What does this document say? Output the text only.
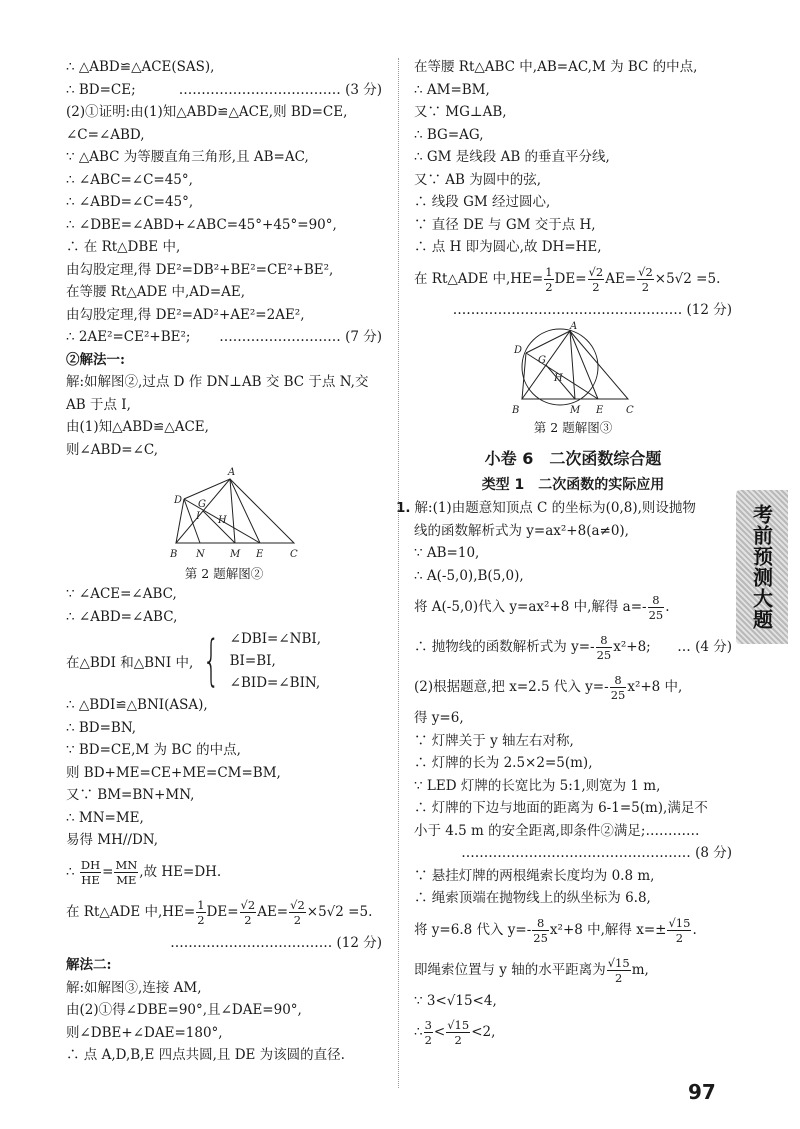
∴ △ABD≌△ACE(SAS),
∴ BD=CE;	……………………………… (3 分)
(2)①证明:由(1)知△ABD≌△ACE,则 BD=CE,
∠C=∠ABD,
∵ △ABC 为等腰直角三角形,且 AB=AC,
∴ ∠ABC=∠C=45°,
∴ ∠ABD=∠C=45°,
∴ ∠DBE=∠ABD+∠ABC=45°+45°=90°,
∴ 在 Rt△DBE 中,
由勾股定理,得 DE²=DB²+BE²=CE²+BE²,
在等腰 Rt△ADE 中,AD=AE,
由勾股定理,得 DE²=AD²+AE²=2AE²,
∴ 2AE²=CE²+BE²; ……………………… (7 分)
②解法一:
解:如解图②,过点 D 作 DN⊥AB 交 BC 于点 N,交
AB 于点 I,
由(1)知△ABD≌△ACE,
则∠ABD=∠C,
A
D G
H
B N	M E	C
I
第 2 题解图②
∵ ∠ACE=∠ABC,
∴ ∠ABD=∠ABC,
在△BDI 和△BNI 中, { ∠DBI=∠NBI,
BI=BI,
∠BID=∠BIN,
∴ △BDI≌△BNI(ASA),
∴ BD=BN,
∵ BD=CE,M 为 BC 的中点,
则 BD+ME=CE+ME=CM=BM,
又∵ BM=BN+MN,
∴ MN=ME,
易得 MH//DN,
∴ $\frac{DH}{HE} = \frac{MN}{ME}$ ,故 HE=DH.
在 Rt△ADE 中$,HE= \frac{1}{2} DE= \frac{√2}{2} AE= \frac{√2}{2} \times 5√2 =5$.
……………………………… (12 分)
解法二:
解:如解图③,连接 AM,
由(2)①得∠DBE=90°,且∠DAE=90°,
则∠DBE+∠DAE=180°,
∴ 点 A,D,B,E 四点共圆,且 DE 为该圆的直径.
在等腰 Rt△ABC 中,AB=AC,M 为 BC 的中点,
∴ AM=BM,
又∵ MG⊥AB,
∴ BG=AG,
∴ GM 是线段 AB 的垂直平分线,
又∵ AB 为圆中的弦,
∴ 线段 GM 经过圆心,
∵ 直径 DE 与 GM 交于点 H,
∴ 点 H 即为圆心,故 DH=HE,
在 Rt△ADE 中$,HE= \frac{1}{2} DE= \frac{√2}{2} AE= \frac{√2}{2} \times 5√2 =5$.
…………………………………………… (12 分)
A
D
G
H
B	M E C
第 2 题解图③
小卷 6　二次函数综合题
类型 1　二次函数的实际应用
1. 解:(1)由题意知顶点 C 的坐标为(0,8),则设抛物
线的函数解析式为 y=ax²+8(a≠0),
∵ AB=10,
∴ A(-5,0),B(5,0),
将 A(-5,0)代入 y=ax²+8 中,解得 $a=- \frac{8}{25}$ .
∴ 抛物线的函数解析式为 $y=- \frac{8}{25} x^2+8$; … (4 分)
(2)根据题意,把 x=2.5 代入 $y=- \frac{8}{25} x^2+8$ 中,
得 y=6,
∵ 灯牌关于 y 轴左右对称,
∴ 灯牌的长为 2.5×2=5(m),
∵ LED 灯牌的长宽比为 5:1,则宽为 1 m,
∴ 灯牌的下边与地面的距离为 6-1=5(m),满足不
小于 4.5 m 的安全距离,即条件②满足;…………
…………………………………………… (8 分)
∵ 悬挂灯牌的两根绳索长度均为 0.8 m,
∴ 绳索顶端在抛物线上的纵坐标为 6.8,
将 y=6.8 代入 $y=- \frac{8}{25} x^2+8$ 中,解得 $x=\pm \frac{√15}{2}$ .
即绳索位置与 y 轴的水平距离为 $\frac{√15}{2} m$,
∵ 3<√15<4,
∴ $\frac{3}{2} < \frac{√15}{2} <2$,
考前预测大题
97
